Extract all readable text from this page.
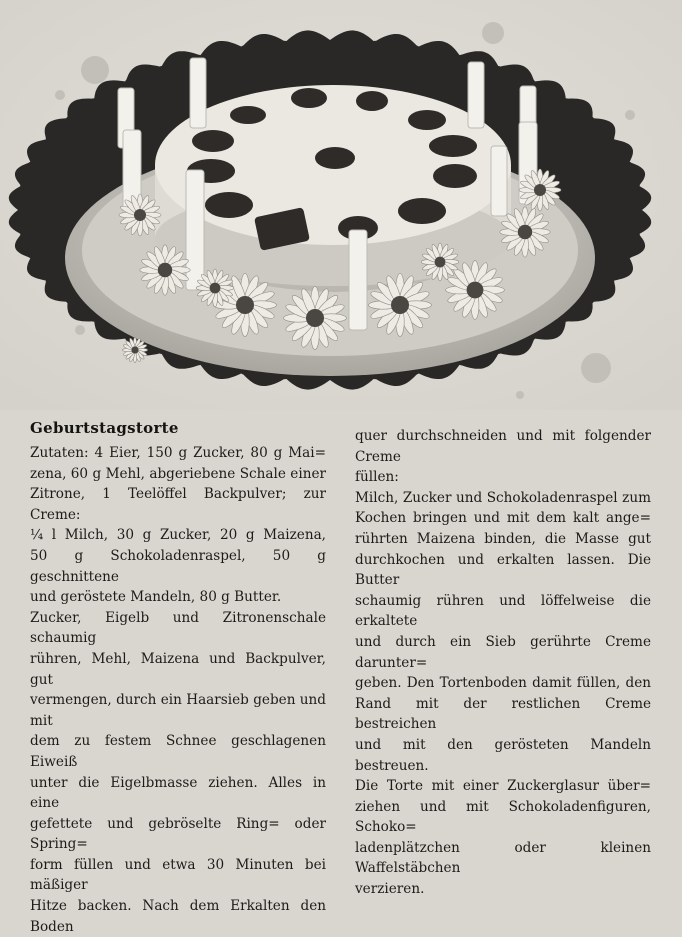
Geburtstagstorte
Zutaten: 4 Eier, 150 g Zucker, 80 g Mai=
zena, 60 g Mehl, abgeriebene Schale einer
Zitrone, 1 Teelöffel Backpulver; zur Creme:
¼ l Milch, 30 g Zucker, 20 g Maizena,
50 g Schokoladenraspel, 50 g geschnittene
und geröstete Mandeln, 80 g Butter.
Zucker, Eigelb und Zitronenschale schaumig
rühren, Mehl, Maizena und Backpulver, gut
vermengen, durch ein Haarsieb geben und mit
dem zu festem Schnee geschlagenen Eiweiß
unter die Eigelbmasse ziehen. Alles in eine
gefettete und gebröselte Ring= oder Spring=
form füllen und etwa 30 Minuten bei mäßiger
Hitze backen. Nach dem Erkalten den Boden
quer durchschneiden und mit folgender Creme
füllen:
Milch, Zucker und Schokoladenraspel zum
Kochen bringen und mit dem kalt ange=
rührten Maizena binden, die Masse gut
durchkochen und erkalten lassen. Die Butter
schaumig rühren und löffelweise die erkaltete
und durch ein Sieb gerührte Creme darunter=
geben. Den Tortenboden damit füllen, den
Rand mit der restlichen Creme bestreichen
und mit den gerösteten Mandeln bestreuen.
Die Torte mit einer Zuckerglasur über=
ziehen und mit Schokoladenfiguren, Schoko=
ladenplätzchen oder kleinen Waffelstäbchen
verzieren.
